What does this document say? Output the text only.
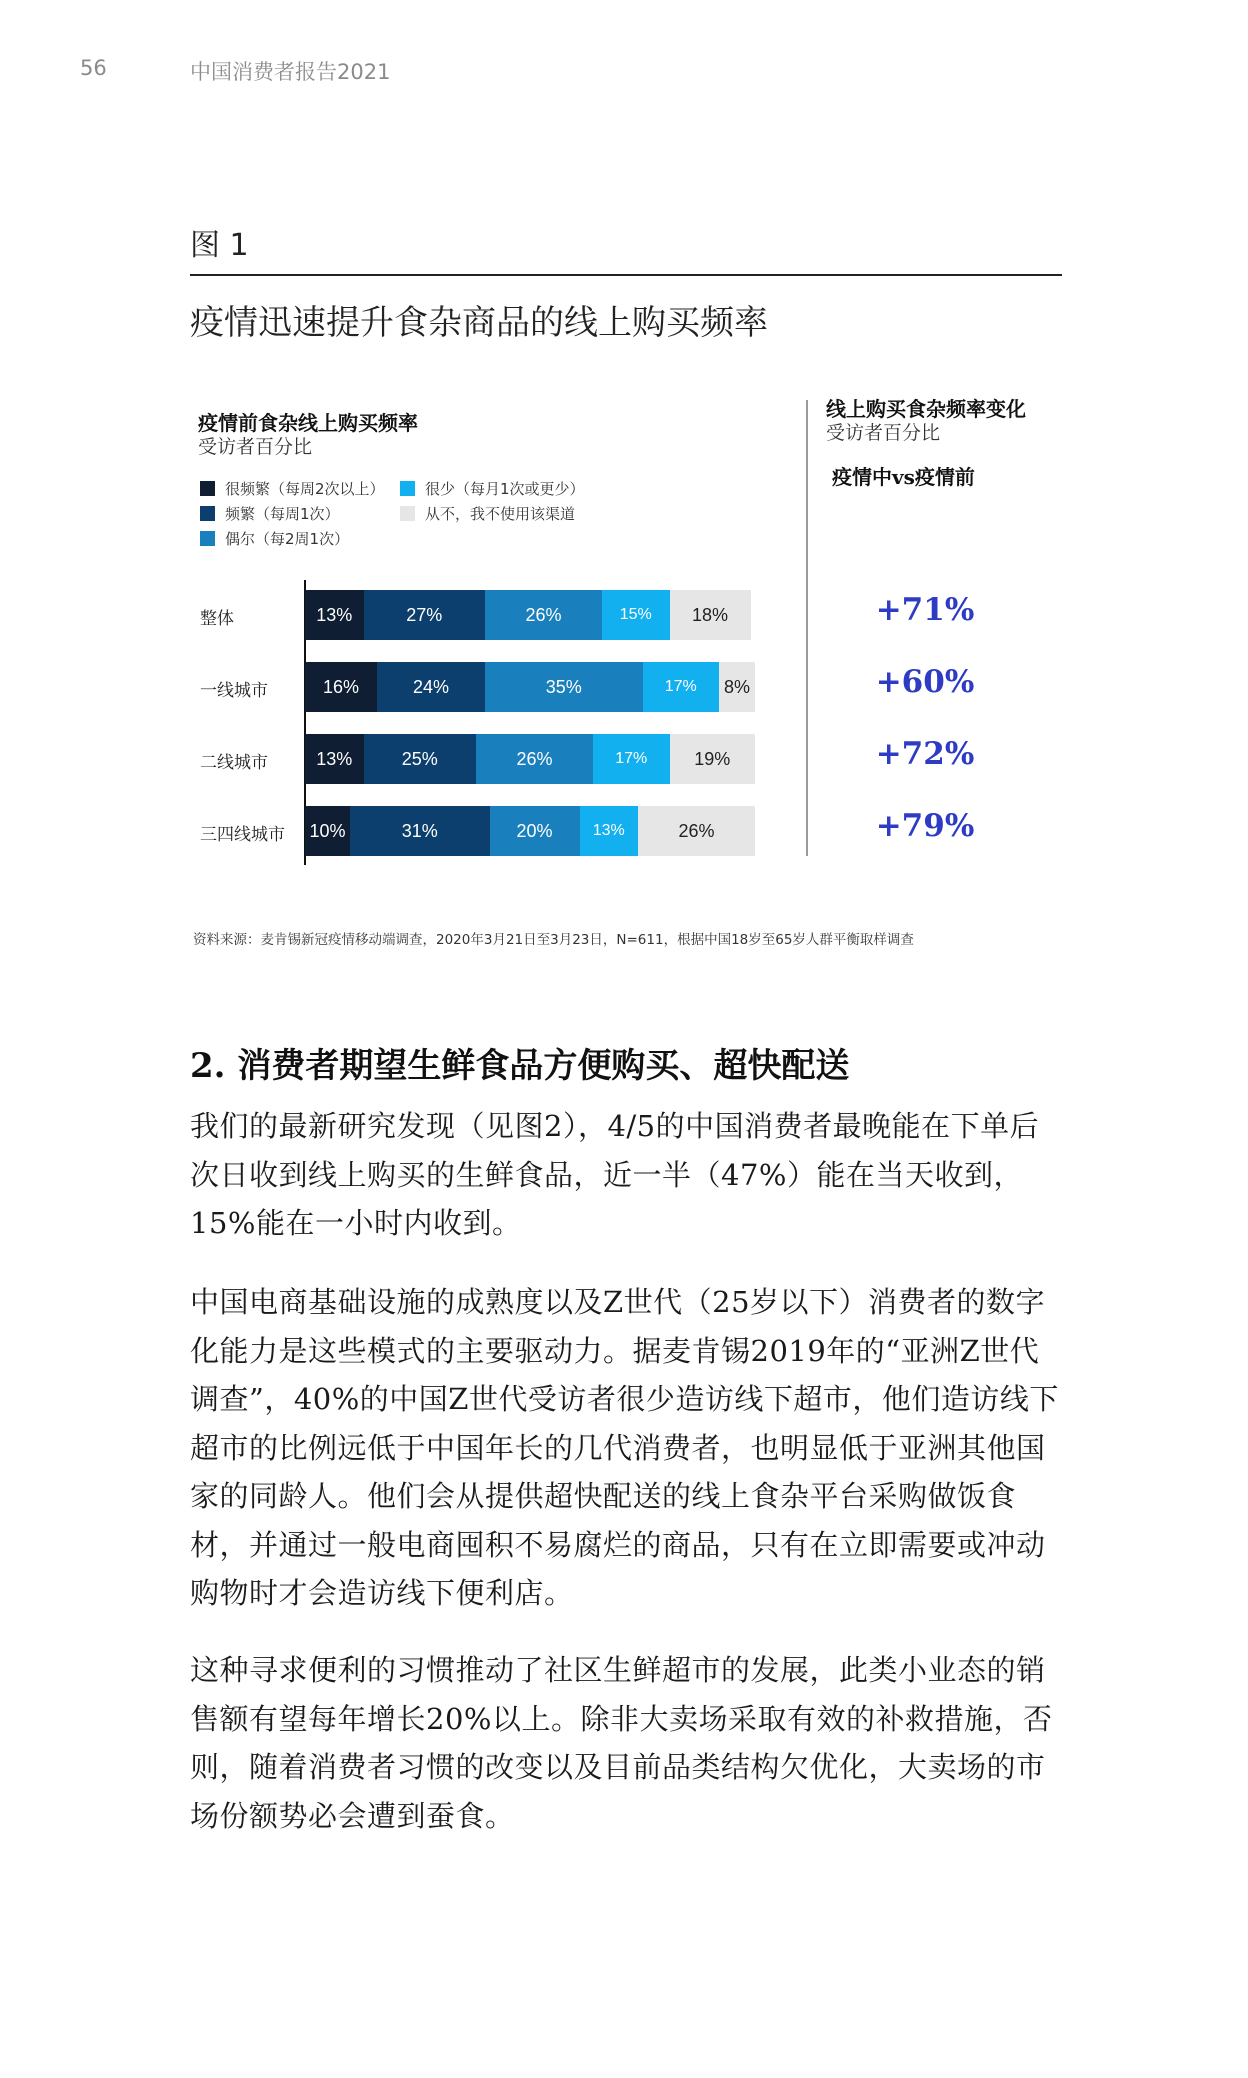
56	中国消费者报告2021
图 1
疫情迅速提升食杂商品的线上购买频率
疫情前食杂线上购买频率
受访者百分比
线上购买食杂频率变化
受访者百分比
疫情中vs疫情前
很频繁（每周2次以上）
频繁（每周1次）
偶尔（每2周1次）
很少（每月1次或更少）
从不，我不使用该渠道
整体	13%	27%	26%	15%	18%	+71%
一线城市	16%	24%	35%	17%	8%	+60%
二线城市	13%	25%	26%	17%	19%	+72%
三四线城市 10%	31%	20%	13%	26%	+79%
资料来源：麦肯锡新冠疫情移动端调查，2020年3月21日至3月23日，N=611，根据中国18岁至65岁人群平衡取样调查
2. 消费者期望生鲜食品方便购买、超快配送

我们的最新研究发现（见图2），4/5的中国消费者最晚能在下单后次日收到线上购买的生鲜食品，近一半（47%）能在当天收到，15%能在一小时内收到。

中国电商基础设施的成熟度以及Z世代（25岁以下）消费者的数字化能力是这些模式的主要驱动力。据麦肯锡2019年的“亚洲Z世代调查”，40%的中国Z世代受访者很少造访线下超市，他们造访线下超市的比例远低于中国年长的几代消费者，也明显低于亚洲其他国家的同龄人。他们会从提供超快配送的线上食杂平台采购做饭食材，并通过一般电商囤积不易腐烂的商品，只有在立即需要或冲动购物时才会造访线下便利店。

这种寻求便利的习惯推动了社区生鲜超市的发展，此类小业态的销售额有望每年增长20%以上。除非大卖场采取有效的补救措施，否则，随着消费者习惯的改变以及目前品类结构欠优化，大卖场的市场份额势必会遭到蚕食。
